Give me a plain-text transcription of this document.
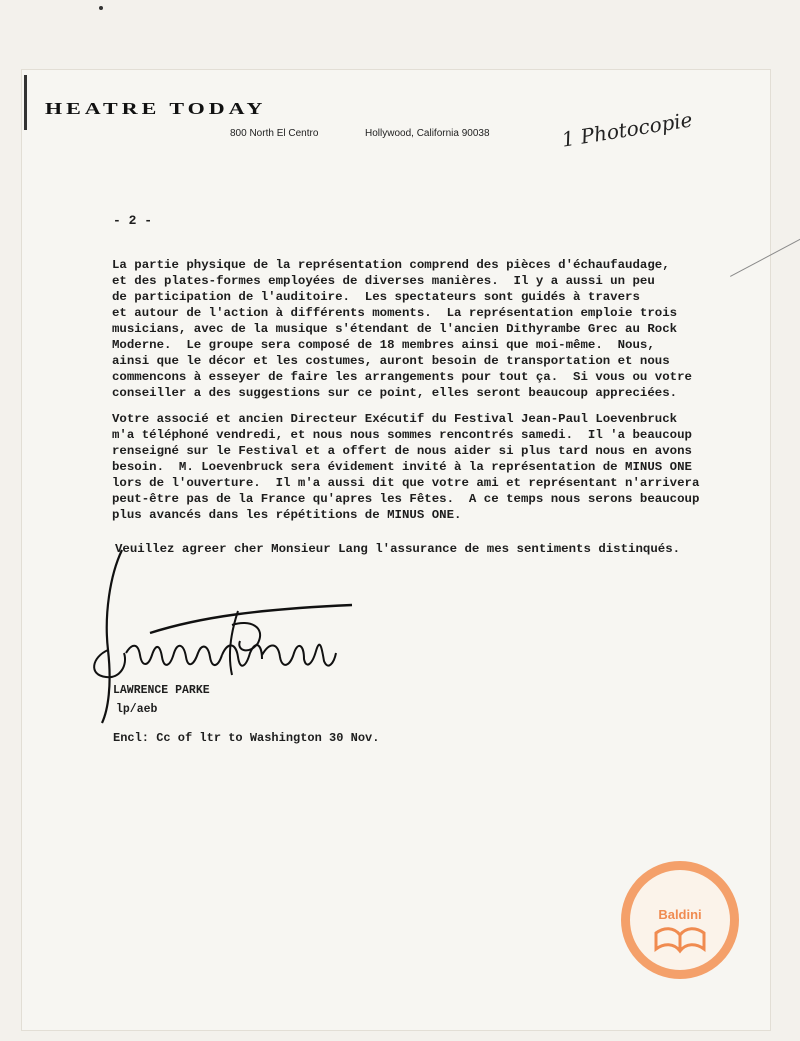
HEATRE TODAY
800 North El Centro	Hollywood, California 90038	1 Photocopie
- 2 -
La partie physique de la représentation comprend des pièces d'échaufaudage,
et des plates-formes employées de diverses manières.  Il y a aussi un peu
de participation de l'auditoire.  Les spectateurs sont guidés à travers
et autour de l'action à différents moments.  La représentation emploie trois
musicians, avec de la musique s'étendant de l'ancien Dithyrambe Grec au Rock
Moderne.  Le groupe sera composé de 18 membres ainsi que moi-même.  Nous,
ainsi que le décor et les costumes, auront besoin de transportation et nous
commencons à esseyer de faire les arrangements pour tout ça.  Si vous ou votre
conseiller a des suggestions sur ce point, elles seront beaucoup appreciées.
Votre associé et ancien Directeur Exécutif du Festival Jean-Paul Loevenbruck
m'a téléphoné vendredi, et nous nous sommes rencontrés samedi.  Il 'a beaucoup
renseigné sur le Festival et a offert de nous aider si plus tard nous en avons
besoin.  M. Loevenbruck sera évidement invité à la représentation de MINUS ONE
lors de l'ouverture.  Il m'a aussi dit que votre ami et représentant n'arrivera
peut-être pas de la France qu'apres les Fêtes.  A ce temps nous serons beaucoup
plus avancés dans les répétitions de MINUS ONE.
Veuillez agreer cher Monsieur Lang l'assurance de mes sentiments distinqués.
Lawrence Parke
LAWRENCE PARKE
lp/aeb
Encl: Cc of ltr to Washington 30 Nov.
Baldini
